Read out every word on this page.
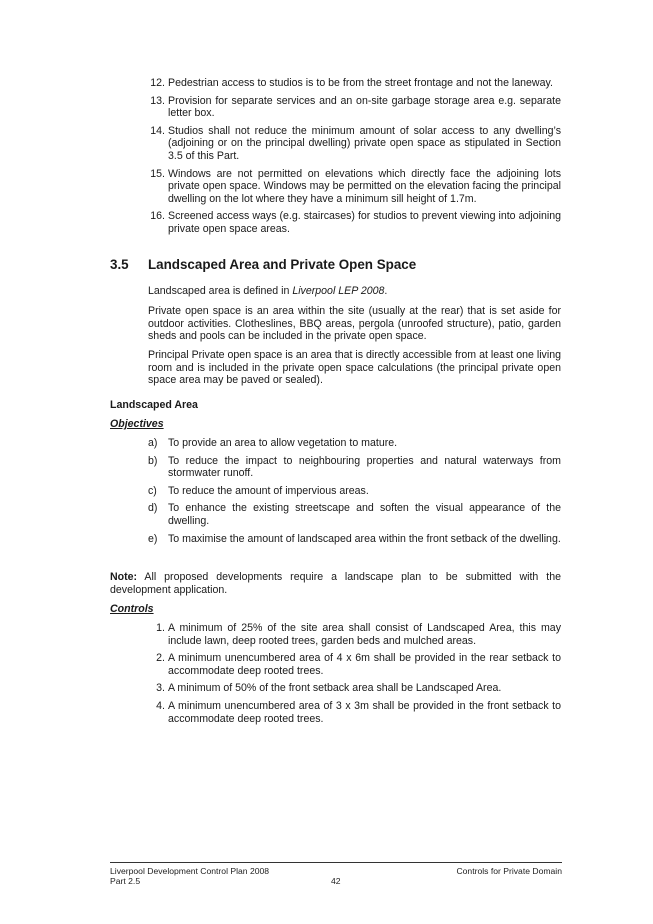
12. Pedestrian access to studios is to be from the street frontage and not the laneway.
13. Provision for separate services and an on-site garbage storage area e.g. separate letter box.
14. Studios shall not reduce the minimum amount of solar access to any dwelling’s (adjoining or on the principal dwelling) private open space as stipulated in Section 3.5 of this Part.
15. Windows are not permitted on elevations which directly face the adjoining lots private open space. Windows may be permitted on the elevation facing the principal dwelling on the lot where they have a minimum sill height of 1.7m.
16. Screened access ways (e.g. staircases) for studios to prevent viewing into adjoining private open space areas.
3.5 Landscaped Area and Private Open Space

Landscaped area is defined in Liverpool LEP 2008.

Private open space is an area within the site (usually at the rear) that is set aside for outdoor activities. Clotheslines, BBQ areas, pergola (unroofed structure), patio, garden sheds and pools can be included in the private open space.

Principal Private open space is an area that is directly accessible from at least one living room and is included in the private open space calculations (the principal private open space area may be paved or sealed).

Landscaped Area
Objectives
a) To provide an area to allow vegetation to mature.
b) To reduce the impact to neighbouring properties and natural waterways from stormwater runoff.
c) To reduce the amount of impervious areas.
d) To enhance the existing streetscape and soften the visual appearance of the dwelling.
e) To maximise the amount of landscaped area within the front setback of the dwelling.

Note: All proposed developments require a landscape plan to be submitted with the development application.

Controls
1. A minimum of 25% of the site area shall consist of Landscaped Area, this may include lawn, deep rooted trees, garden beds and mulched areas.
2. A minimum unencumbered area of 4 x 6m shall be provided in the rear setback to accommodate deep rooted trees.
3. A minimum of 50% of the front setback area shall be Landscaped Area.
4. A minimum unencumbered area of 3 x 3m shall be provided in the front setback to accommodate deep rooted trees.
Liverpool Development Control Plan 2008
Part 2.5	42
Controls for Private Domain
